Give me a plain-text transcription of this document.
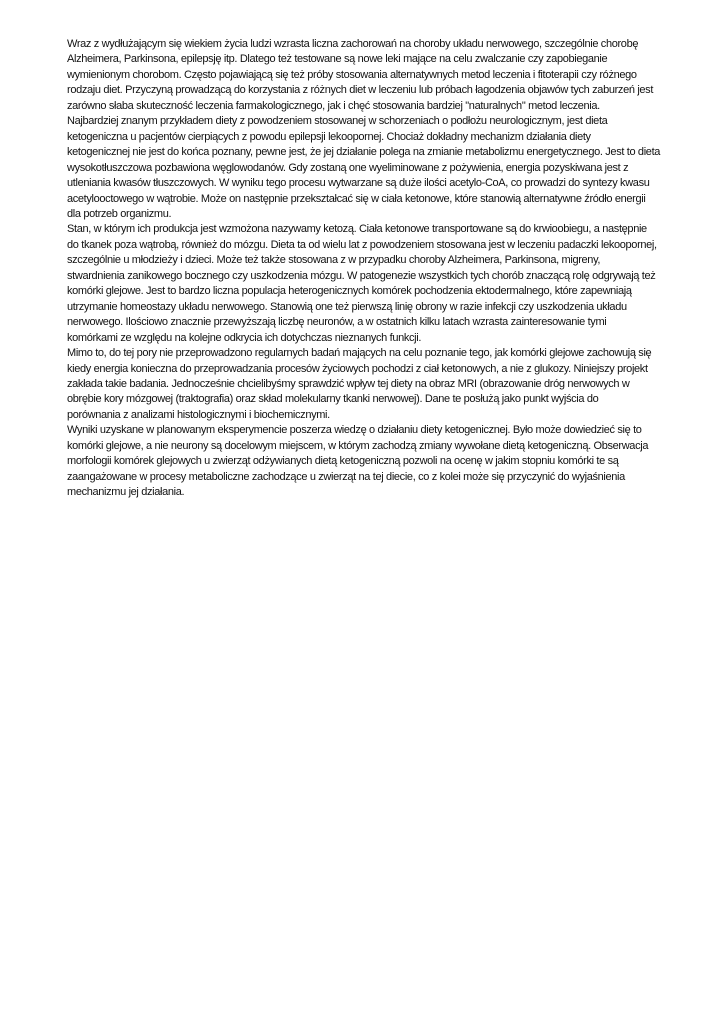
Wraz z wydłużającym się wiekiem życia ludzi wzrasta liczna zachorowań na choroby układu nerwowego, szczególnie chorobę
Alzheimera, Parkinsona, epilepsję itp. Dlatego też testowane są nowe leki mające na celu zwalczanie czy zapobieganie
wymienionym chorobom. Często pojawiającą się też próby stosowania alternatywnych metod leczenia i fitoterapii czy różnego
rodzaju diet. Przyczyną prowadzącą do korzystania z różnych diet w leczeniu lub próbach łagodzenia objawów tych zaburzeń jest
zarówno słaba skuteczność leczenia farmakologicznego, jak i chęć stosowania bardziej "naturalnych" metod leczenia.

Najbardziej znanym przykładem diety z powodzeniem stosowanej w schorzeniach o podłożu neurologicznym, jest dieta
ketogeniczna u pacjentów cierpiących z powodu epilepsji lekoopornej. Chociaż dokładny mechanizm działania diety
ketogenicznej nie jest do końca poznany, pewne jest, że jej działanie polega na zmianie metabolizmu energetycznego. Jest to dieta
wysokotłuszczowa pozbawiona węglowodanów. Gdy zostaną one wyeliminowane z pożywienia, energia pozyskiwana jest z
utleniania kwasów tłuszczowych. W wyniku tego procesu wytwarzane są duże ilości acetylo-CoA, co prowadzi do syntezy kwasu
acetylooctowego w wątrobie. Może on następnie przekształcać się w ciała ketonowe, które stanowią alternatywne źródło energii
dla potrzeb organizmu.

Stan, w którym ich produkcja jest wzmożona nazywamy ketozą. Ciała ketonowe transportowane są do krwioobiegu, a następnie
do tkanek poza wątrobą, również do mózgu. Dieta ta od wielu lat z powodzeniem stosowana jest w leczeniu padaczki lekoopornej,
szczególnie u młodzieży i dzieci. Może też także stosowana z w przypadku choroby Alzheimera, Parkinsona, migreny,
stwardnienia zanikowego bocznego czy uszkodzenia mózgu. W patogenezie wszystkich tych chorób znaczącą rolę odgrywają też
komórki glejowe. Jest to bardzo liczna populacja heterogenicznych komórek pochodzenia ektodermalnego, które zapewniają
utrzymanie homeostazy układu nerwowego. Stanowią one też pierwszą linię obrony w razie infekcji czy uszkodzenia układu
nerwowego. Ilościowo znacznie przewyższają liczbę neuronów, a w ostatnich kilku latach wzrasta zainteresowanie tymi
komórkami ze względu na kolejne odkrycia ich dotychczas nieznanych funkcji.

Mimo to, do tej pory nie przeprowadzono regularnych badań mających na celu poznanie tego, jak komórki glejowe zachowują się
kiedy energia konieczna do przeprowadzania procesów życiowych pochodzi z ciał ketonowych, a nie z glukozy. Niniejszy projekt
zakłada takie badania. Jednocześnie chcielibyśmy sprawdzić wpływ tej diety na obraz MRI (obrazowanie dróg nerwowych w
obrębie kory mózgowej (traktografia) oraz skład molekularny tkanki nerwowej). Dane te posłużą jako punkt wyjścia do
porównania z analizami histologicznymi i biochemicznymi.

Wyniki uzyskane w planowanym eksperymencie poszerza wiedzę o działaniu diety ketogenicznej. Było może dowiedzieć się to
komórki glejowe, a nie neurony są docelowym miejscem, w którym zachodzą zmiany wywołane dietą ketogeniczną. Obserwacja
morfologii komórek glejowych u zwierząt odżywianych dietą ketogeniczną pozwoli na ocenę w jakim stopniu komórki te są
zaangażowane w procesy metaboliczne zachodzące u zwierząt na tej diecie, co z kolei może się przyczynić do wyjaśnienia
mechanizmu jej działania.
